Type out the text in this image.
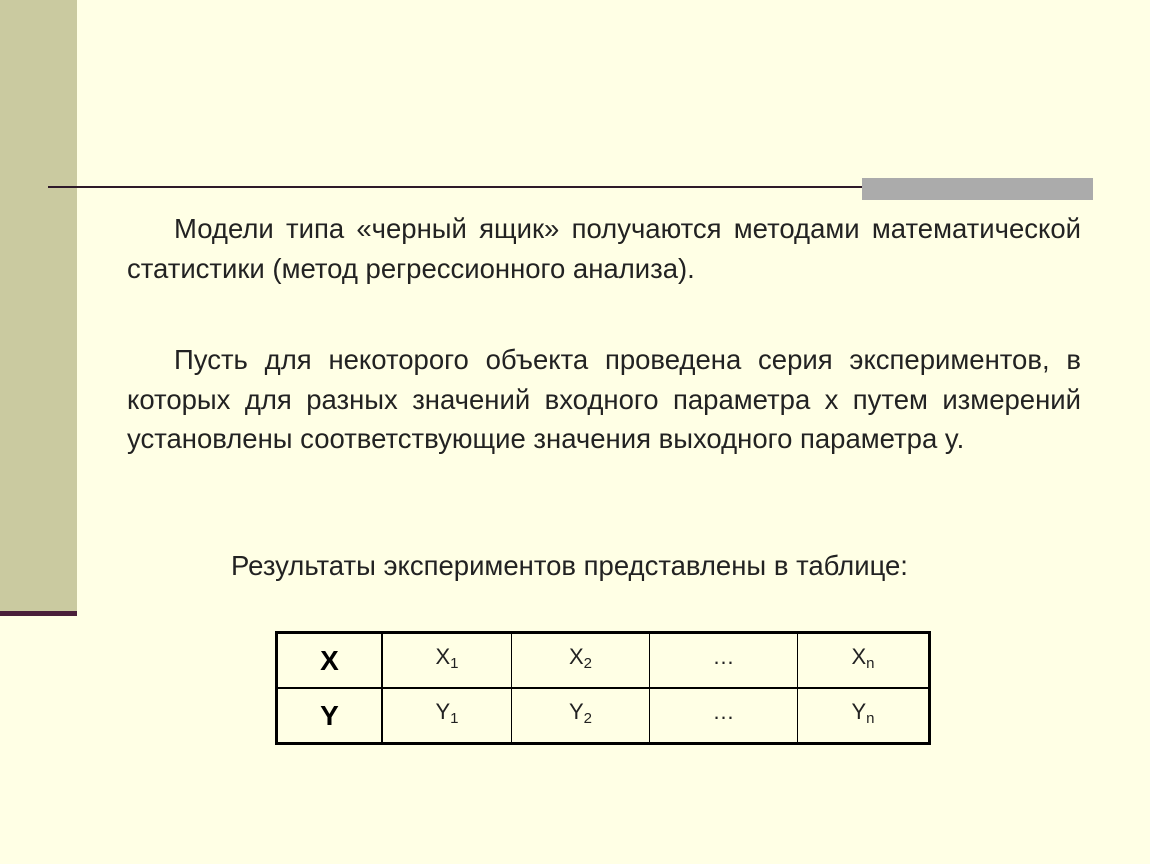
Модели типа «черный ящик» получаются методами математической статистики (метод регрессионного анализа).

Пусть для некоторого объекта проведена серия экспериментов, в которых для разных значений входного параметра x путем измерений установлены соответствующие значения выходного параметра y.

Результаты экспериментов представлены в таблице:

X	$X_1$	$X_2$	…	$X_n$
Y	$Y_1$	$Y_2$	…	$Y_n$
